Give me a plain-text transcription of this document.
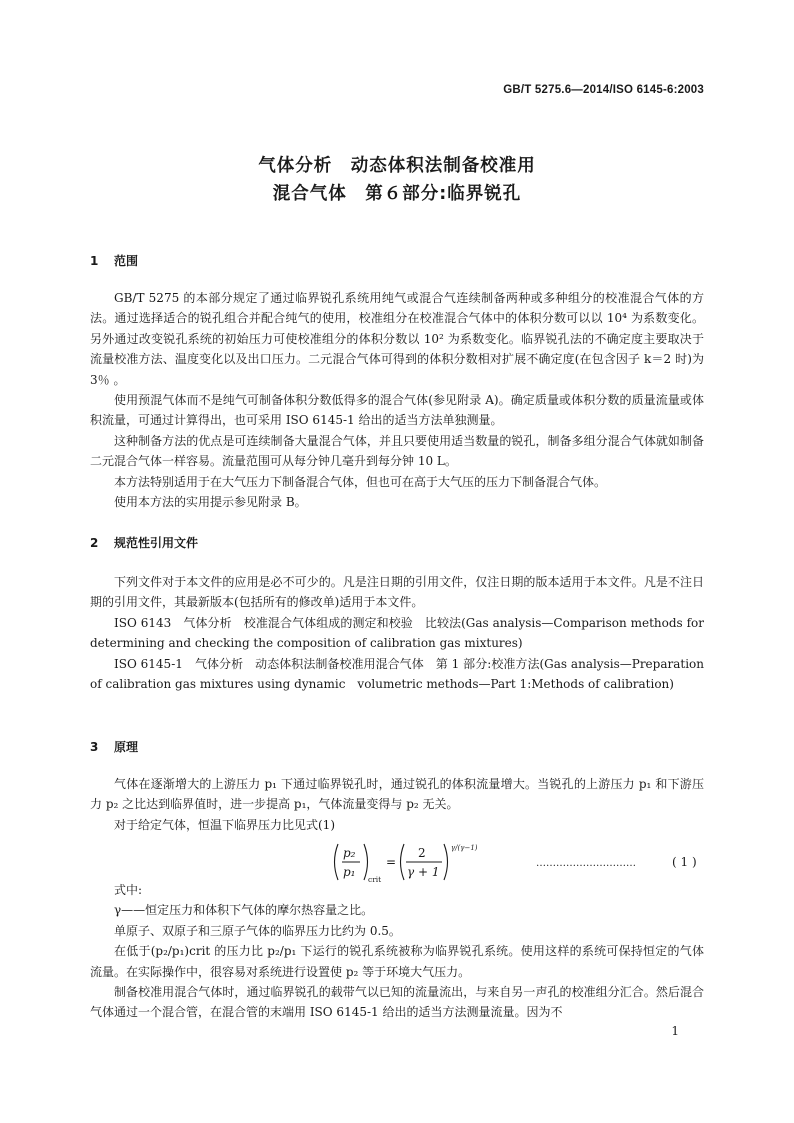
GB/T 5275.6—2014/ISO 6145-6:2003
气体分析　动态体积法制备校准用
混合气体　第６部分:临界锐孔
1 范围

GB/T 5275 的本部分规定了通过临界锐孔系统用纯气或混合气连续制备两种或多种组分的校准混合气体的方法。通过选择适合的锐孔组合并配合纯气的使用，校准组分在校准混合气体中的体积分数可以以 10⁴ 为系数变化。另外通过改变锐孔系统的初始压力可使校准组分的体积分数以 10² 为系数变化。临界锐孔法的不确定度主要取决于流量校准方法、温度变化以及出口压力。二元混合气体可得到的体积分数相对扩展不确定度(在包含因子 k＝2 时)为 3％ 。

使用预混气体而不是纯气可制备体积分数低得多的混合气体(参见附录 A)。确定质量或体积分数的质量流量或体积流量，可通过计算得出，也可采用 ISO 6145-1 给出的适当方法单独测量。

这种制备方法的优点是可连续制备大量混合气体，并且只要使用适当数量的锐孔，制备多组分混合气体就如制备二元混合气体一样容易。流量范围可从每分钟几毫升到每分钟 10 L。

本方法特别适用于在大气压力下制备混合气体，但也可在高于大气压的压力下制备混合气体。

使用本方法的实用提示参见附录 B。

2 规范性引用文件

下列文件对于本文件的应用是必不可少的。凡是注日期的引用文件，仅注日期的版本适用于本文件。凡是不注日期的引用文件，其最新版本(包括所有的修改单)适用于本文件。

ISO 6143　气体分析　校准混合气体组成的测定和校验　比较法(Gas analysis—Comparison methods for determining and checking the composition of calibration gas mixtures)

ISO 6145-1　气体分析　动态体积法制备校准用混合气体　第 1 部分:校准方法(Gas analysis—Preparation of calibration gas mixtures using dynamic　volumetric methods—Part 1:Methods of calibration)

3 原理

气体在逐渐增大的上游压力 p₁ 下通过临界锐孔时，通过锐孔的体积流量增大。当锐孔的上游压力 p₁ 和下游压力 p₂ 之比达到临界值时，进一步提高 p₁，气体流量变得与 p₂ 无关。

对于给定气体，恒温下临界压力比见式(1)

p₂
p₁
crit
=
2
γ + 1
γ/(γ−1)
…………………………	( 1 )

式中:

γ——恒定压力和体积下气体的摩尔热容量之比。

单原子、双原子和三原子气体的临界压力比约为 0.5。

在低于(p₂/p₁)crit 的压力比 p₂/p₁ 下运行的锐孔系统被称为临界锐孔系统。使用这样的系统可保持恒定的气体流量。在实际操作中，很容易对系统进行设置使 p₂ 等于环境大气压力。

制备校准用混合气体时，通过临界锐孔的载带气以已知的流量流出，与来自另一声孔的校准组分汇合。然后混合气体通过一个混合管，在混合管的末端用 ISO 6145-1 给出的适当方法测量流量。因为不

1
